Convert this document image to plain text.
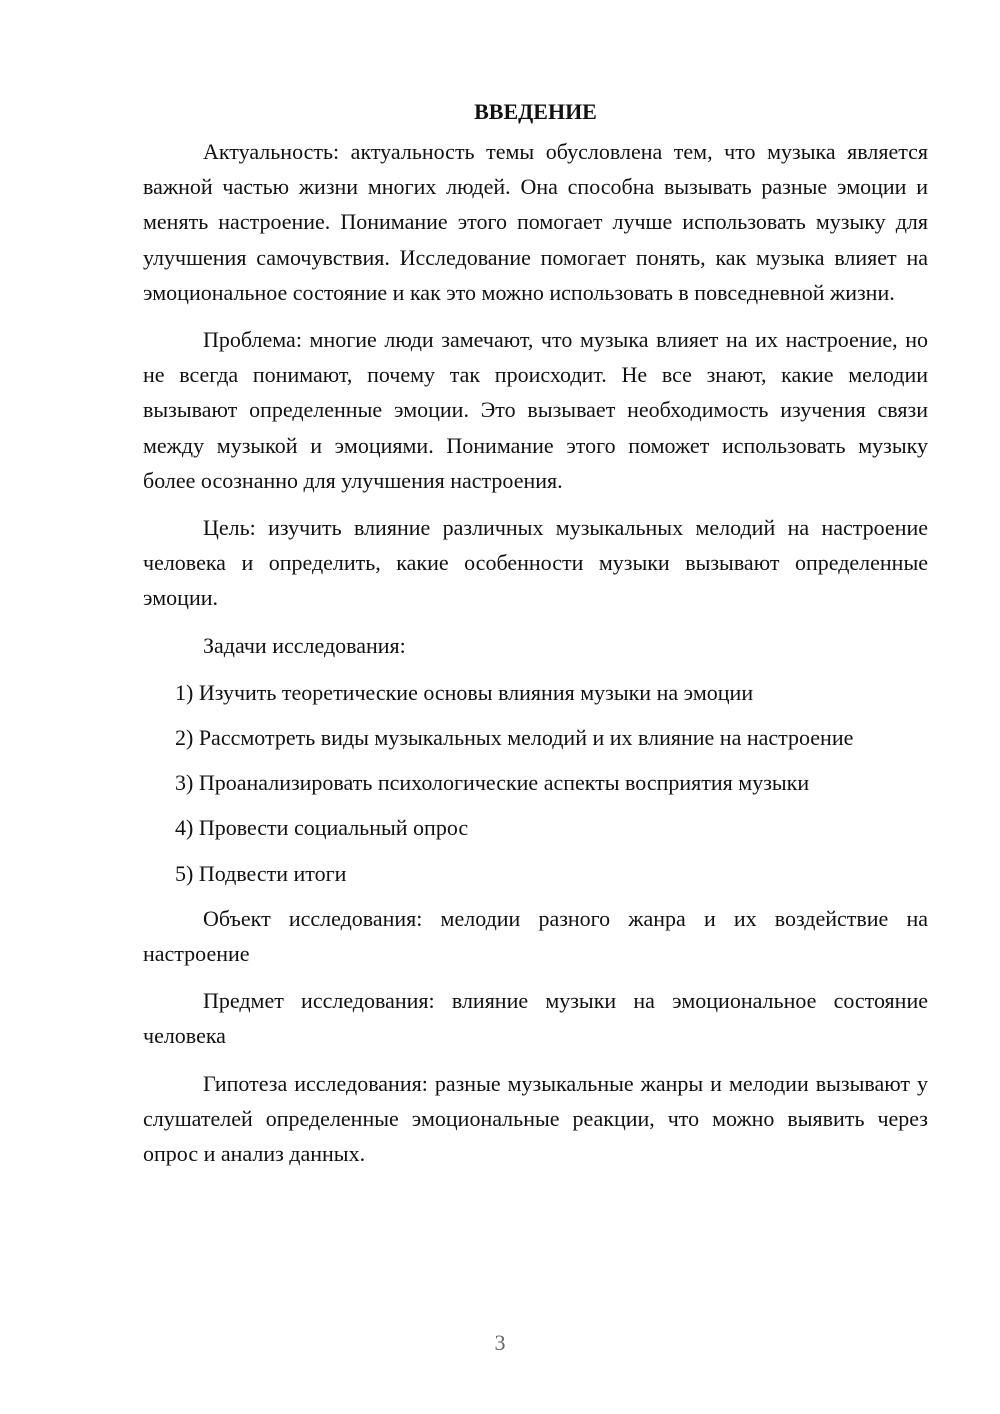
ВВЕДЕНИЕ

Актуальность: актуальность темы обусловлена тем, что музыка является важной частью жизни многих людей. Она способна вызывать разные эмоции и менять настроение. Понимание этого помогает лучше использовать музыку для улучшения самочувствия. Исследование помогает понять, как музыка влияет на эмоциональное состояние и как это можно использовать в повседневной жизни.

Проблема: многие люди замечают, что музыка влияет на их настроение, но не всегда понимают, почему так происходит. Не все знают, какие мелодии вызывают определенные эмоции. Это вызывает необходимость изучения связи между музыкой и эмоциями. Понимание этого поможет использовать музыку более осознанно для улучшения настроения.

Цель: изучить влияние различных музыкальных мелодий на настроение человека и определить, какие особенности музыки вызывают определенные эмоции.

Задачи исследования:

1) Изучить теоретические основы влияния музыки на эмоции

2) Рассмотреть виды музыкальных мелодий и их влияние на настроение

3) Проанализировать психологические аспекты восприятия музыки

4) Провести социальный опрос

5) Подвести итоги

Объект исследования: мелодии разного жанра и их воздействие на настроение

Предмет исследования: влияние музыки на эмоциональное состояние человека

Гипотеза исследования: разные музыкальные жанры и мелодии вызывают у слушателей определенные эмоциональные реакции, что можно выявить через опрос и анализ данных.

3
